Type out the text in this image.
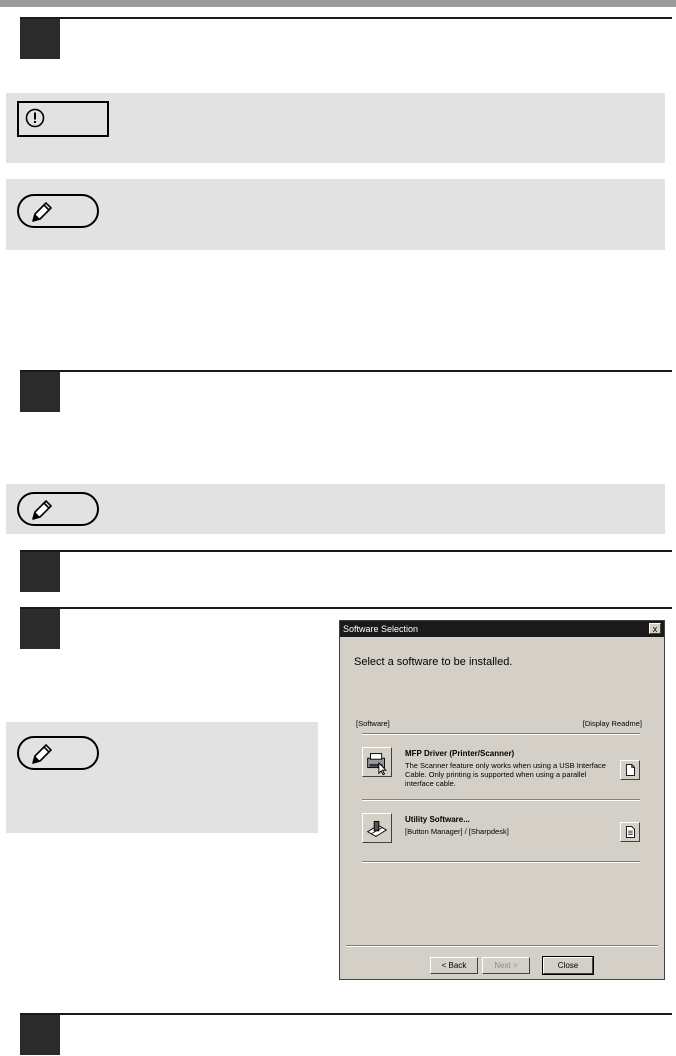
Software Selection	x
Select a software to be installed.
[Software]	[Display Readme]
MFP Driver (Printer/Scanner)
The Scanner feature only works when using a USB Interface
Cable. Only printing is supported when using a parallel
interface cable.
Utility Software...
[Button Manager] / [Sharpdesk]
< Back	Next >	Close
